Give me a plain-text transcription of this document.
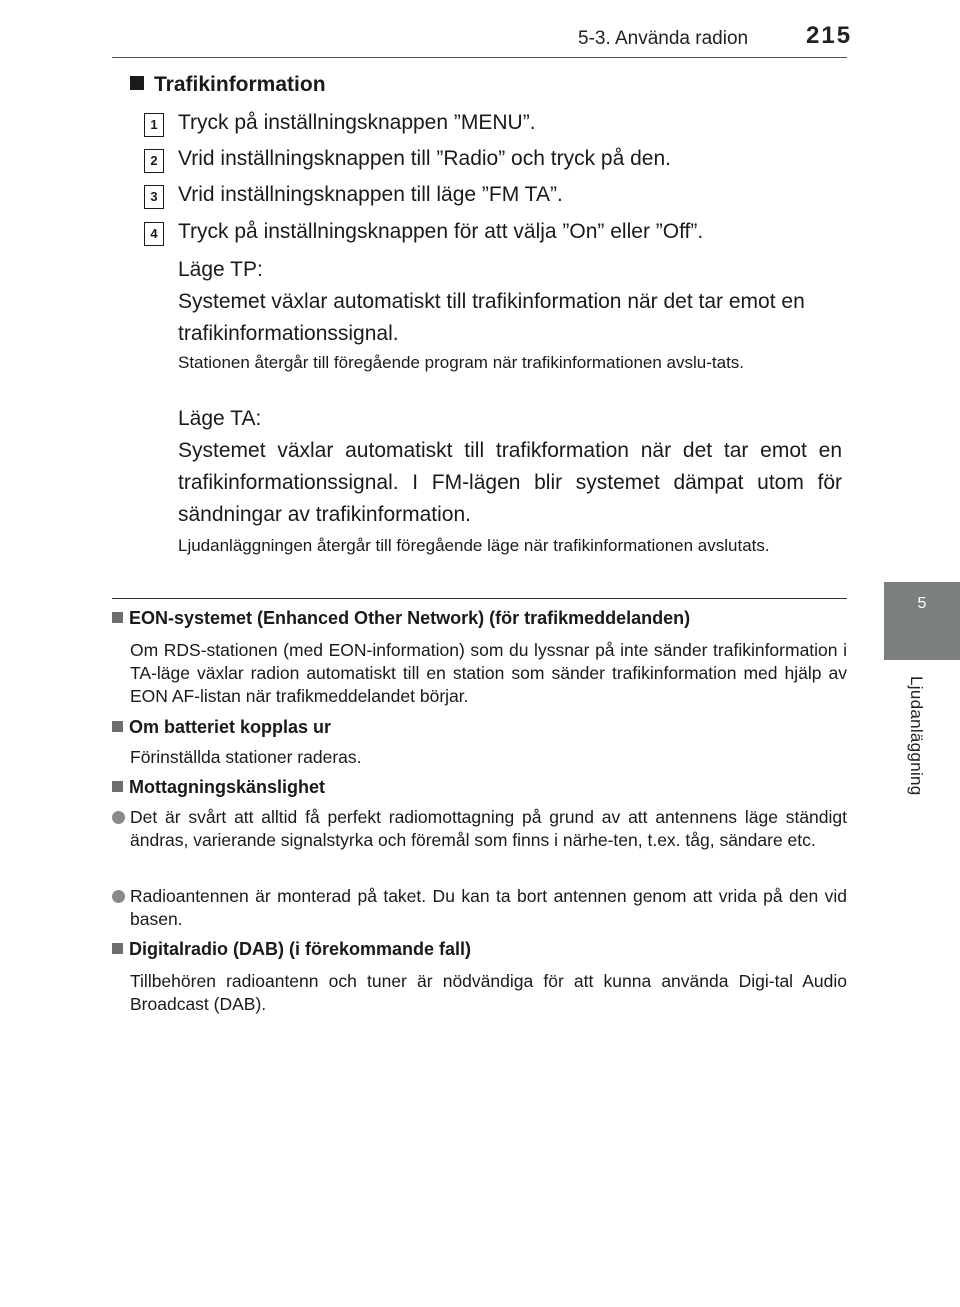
5-3. Använda radion 215
5
Ljudanläggning
Trafikinformation
1 Tryck på inställningsknappen ”MENU”.
2 Vrid inställningsknappen till ”Radio” och tryck på den.
3 Vrid inställningsknappen till läge ”FM TA”.
4 Tryck på inställningsknappen för att välja ”On” eller ”Off”.
Läge TP:
Systemet växlar automatiskt till trafikinformation när det tar emot en trafikinformationssignal.
Stationen återgår till föregående program när trafikinformationen avslu-tats.
Läge TA:
Systemet växlar automatiskt till trafikformation när det tar emot en trafikinformationssignal. I FM-lägen blir systemet dämpat utom för sändningar av trafikinformation.
Ljudanläggningen återgår till föregående läge när trafikinformationen avslutats.
EON-systemet (Enhanced Other Network) (för trafikmeddelanden)
Om RDS-stationen (med EON-information) som du lyssnar på inte sänder trafikinformation i TA-läge växlar radion automatiskt till en station som sänder trafikinformation med hjälp av EON AF-listan när trafikmeddelandet börjar.
Om batteriet kopplas ur
Förinställda stationer raderas.
Mottagningskänslighet
Det är svårt att alltid få perfekt radiomottagning på grund av att antennens läge ständigt ändras, varierande signalstyrka och föremål som finns i närhe-ten, t.ex. tåg, sändare etc.
Radioantennen är monterad på taket. Du kan ta bort antennen genom att vrida på den vid basen.
Digitalradio (DAB) (i förekommande fall)
Tillbehören radioantenn och tuner är nödvändiga för att kunna använda Digi-tal Audio Broadcast (DAB).
